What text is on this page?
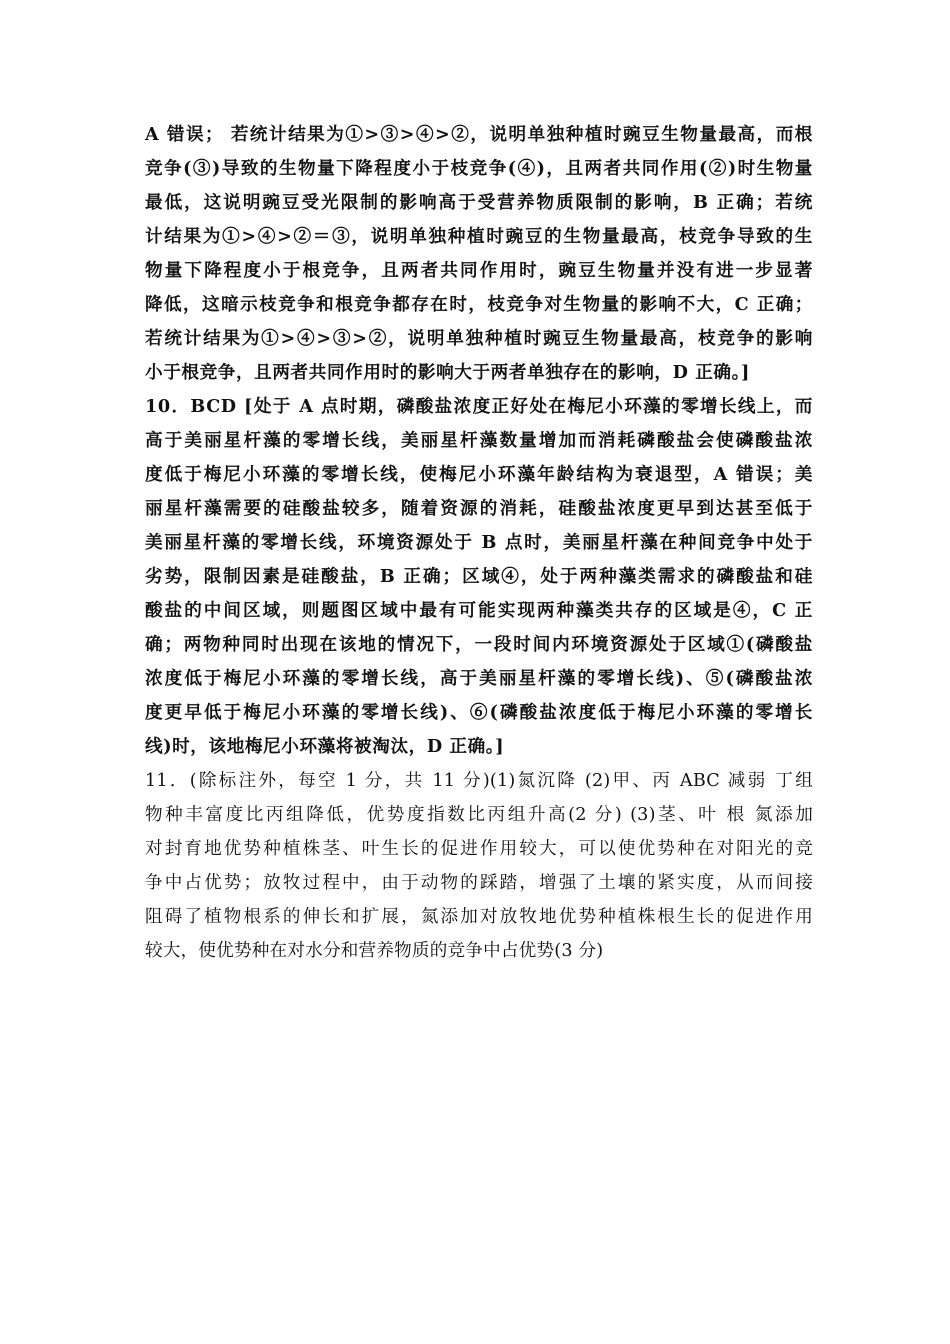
A 错误； 若统计结果为①>③>④>②，说明单独种植时豌豆生物量最高，而根
竞争(③)导致的生物量下降程度小于枝竞争(④)，且两者共同作用(②)时生物量
最低，这说明豌豆受光限制的影响高于受营养物质限制的影响，B 正确；若统
计结果为①>④>②＝③，说明单独种植时豌豆的生物量最高，枝竞争导致的生
物量下降程度小于根竞争，且两者共同作用时，豌豆生物量并没有进一步显著
降低，这暗示枝竞争和根竞争都存在时，枝竞争对生物量的影响不大，C 正确；
若统计结果为①>④>③>②，说明单独种植时豌豆生物量最高，枝竞争的影响
小于根竞争，且两者共同作用时的影响大于两者单独存在的影响，D 正确。]
10．BCD [处于 A 点时期，磷酸盐浓度正好处在梅尼小环藻的零增长线上，而
高于美丽星杆藻的零增长线，美丽星杆藻数量增加而消耗磷酸盐会使磷酸盐浓
度低于梅尼小环藻的零增长线，使梅尼小环藻年龄结构为衰退型，A 错误；美
丽星杆藻需要的硅酸盐较多，随着资源的消耗，硅酸盐浓度更早到达甚至低于
美丽星杆藻的零增长线，环境资源处于 B 点时，美丽星杆藻在种间竞争中处于
劣势，限制因素是硅酸盐，B 正确；区域④，处于两种藻类需求的磷酸盐和硅
酸盐的中间区域，则题图区域中最有可能实现两种藻类共存的区域是④，C 正
确；两物种同时出现在该地的情况下，一段时间内环境资源处于区域①(磷酸盐
浓度低于梅尼小环藻的零增长线，高于美丽星杆藻的零增长线)、⑤(磷酸盐浓
度更早低于梅尼小环藻的零增长线)、⑥(磷酸盐浓度低于梅尼小环藻的零增长
线)时，该地梅尼小环藻将被淘汰，D 正确。]
11．(除标注外，每空 1 分，共 11 分)(1)氮沉降 (2)甲、丙 ABC 减弱 丁组
物种丰富度比丙组降低，优势度指数比丙组升高(2 分) (3)茎、叶 根 氮添加
对封育地优势种植株茎、叶生长的促进作用较大，可以使优势种在对阳光的竞
争中占优势；放牧过程中，由于动物的踩踏，增强了土壤的紧实度，从而间接
阻碍了植物根系的伸长和扩展，氮添加对放牧地优势种植株根生长的促进作用
较大，使优势种在对水分和营养物质的竞争中占优势(3 分)
